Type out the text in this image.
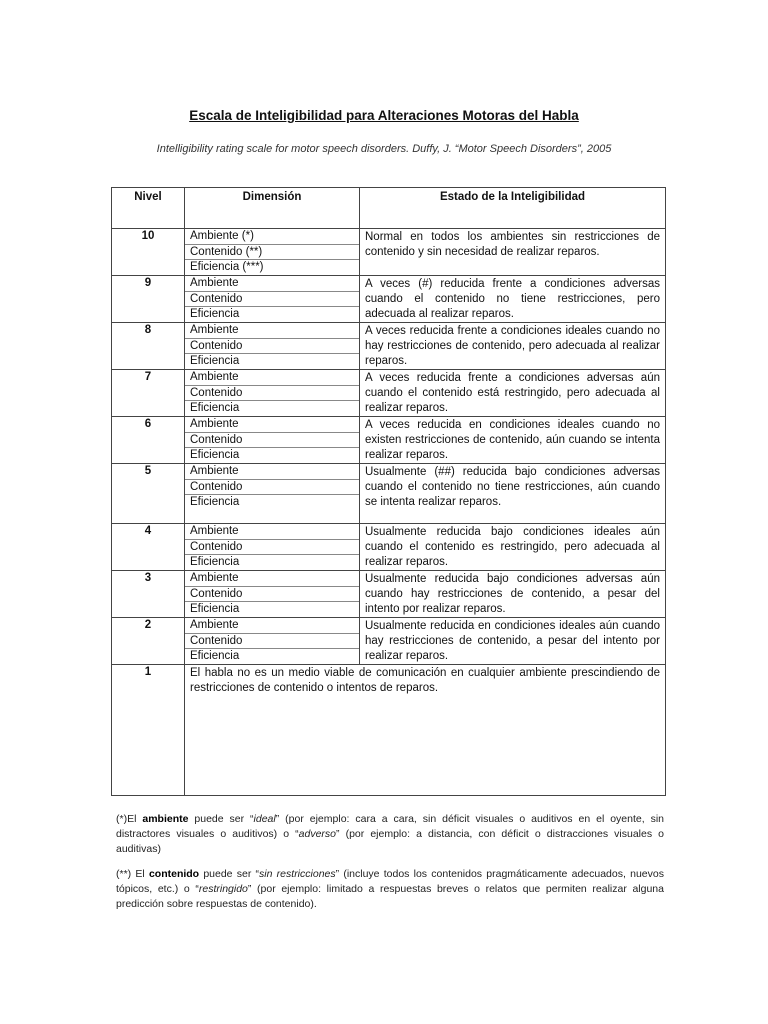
Escala de Inteligibilidad para Alteraciones Motoras del Habla
Intelligibility rating scale for motor speech disorders. Duffy, J. “Motor Speech Disorders”, 2005
Nivel	Dimensión	Estado de la Inteligibilidad
10	Ambiente (*)
Contenido (**)
Eficiencia (***)	Normal en todos los ambientes sin restricciones de contenido y sin necesidad de realizar reparos.
9	Ambiente
Contenido
Eficiencia	A veces (#) reducida frente a condiciones adversas cuando el contenido no tiene restricciones, pero adecuada al realizar reparos.
8	Ambiente
Contenido
Eficiencia	A veces reducida frente a condiciones ideales cuando no hay restricciones de contenido, pero adecuada al realizar reparos.
7	Ambiente
Contenido
Eficiencia	A veces reducida frente a condiciones adversas aún cuando el contenido está restringido, pero adecuada al realizar reparos.
6	Ambiente
Contenido
Eficiencia	A veces reducida en condiciones ideales cuando no existen restricciones de contenido, aún cuando se intenta realizar reparos.
5	Ambiente
Contenido
Eficiencia	Usualmente (##) reducida bajo condiciones adversas cuando el contenido no tiene restricciones, aún cuando se intenta realizar reparos.
4	Ambiente
Contenido
Eficiencia	Usualmente reducida bajo condiciones ideales aún cuando el contenido es restringido, pero adecuada al realizar reparos.
3	Ambiente
Contenido
Eficiencia	Usualmente reducida bajo condiciones adversas aún cuando hay restricciones de contenido, a pesar del intento por realizar reparos.
2	Ambiente
Contenido
Eficiencia	Usualmente reducida en condiciones ideales aún cuando hay restricciones de contenido, a pesar del intento por realizar reparos.
1	El habla no es un medio viable de comunicación en cualquier ambiente prescindiendo de restricciones de contenido o intentos de reparos.	

(*)El ambiente puede ser “ideal” (por ejemplo: cara a cara, sin déficit visuales o auditivos en el oyente, sin distractores visuales o auditivos) o “adverso” (por ejemplo: a distancia, con déficit o distracciones visuales o auditivas)

(**) El contenido puede ser “sin restricciones” (incluye todos los contenidos pragmáticamente adecuados, nuevos tópicos, etc.) o “restringido” (por ejemplo: limitado a respuestas breves o relatos que permiten realizar alguna predicción sobre respuestas de contenido).
